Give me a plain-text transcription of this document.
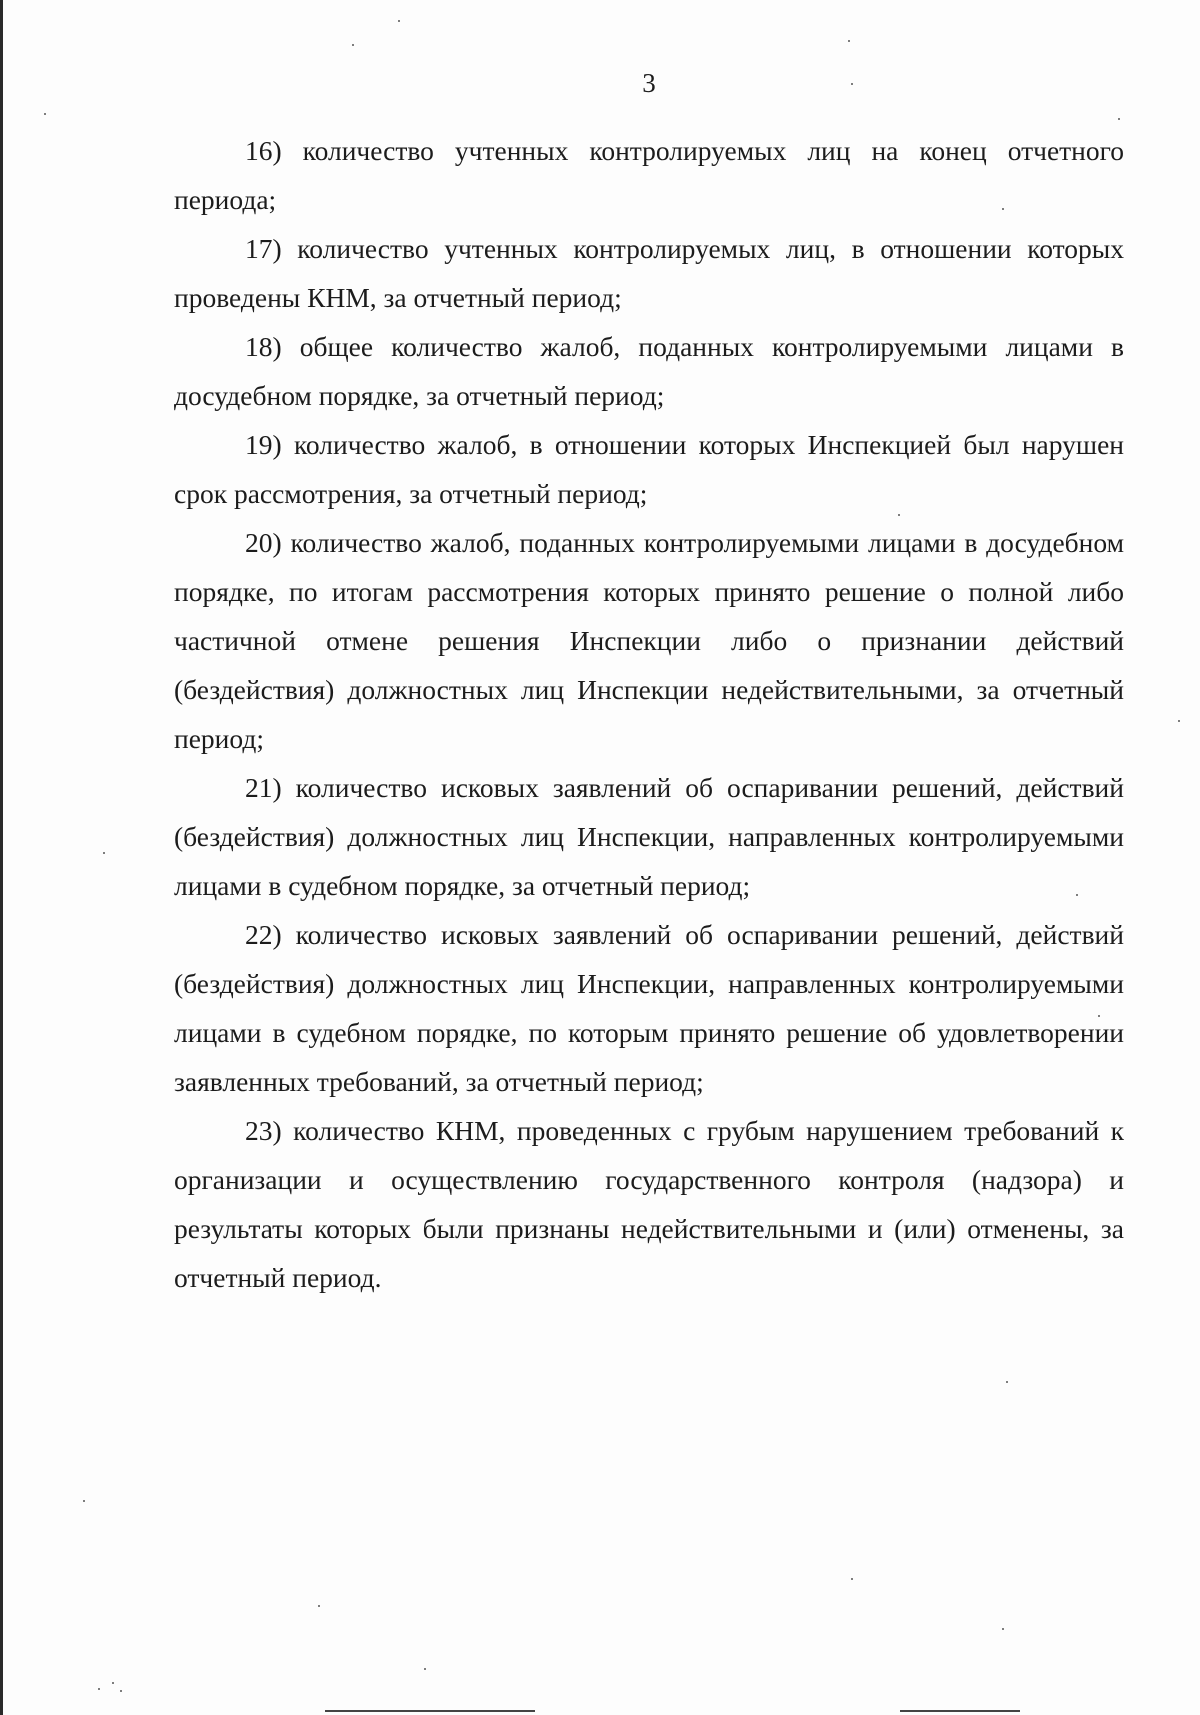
3

16) количество учтенных контролируемых лиц на конец отчетного периода;

17) количество учтенных контролируемых лиц, в отношении которых проведены КНМ, за отчетный период;

18) общее количество жалоб, поданных контролируемыми лицами в досудебном порядке, за отчетный период;

19) количество жалоб, в отношении которых Инспекцией был нарушен срок рассмотрения, за отчетный период;

20) количество жалоб, поданных контролируемыми лицами в досудебном порядке, по итогам рассмотрения которых принято решение о полной либо частичной отмене решения Инспекции либо о признании действий (бездействия) должностных лиц Инспекции недействительными, за отчетный период;

21) количество исковых заявлений об оспаривании решений, действий (бездействия) должностных лиц Инспекции, направленных контролируемыми лицами в судебном порядке, за отчетный период;

22) количество исковых заявлений об оспаривании решений, действий (бездействия) должностных лиц Инспекции, направленных контролируемыми лицами в судебном порядке, по которым принято решение об удовлетворении заявленных требований, за отчетный период;

23) количество КНМ, проведенных с грубым нарушением требований к организации и осуществлению государственного контроля (надзора) и результаты которых были признаны недействительными и (или) отменены, за отчетный период.
